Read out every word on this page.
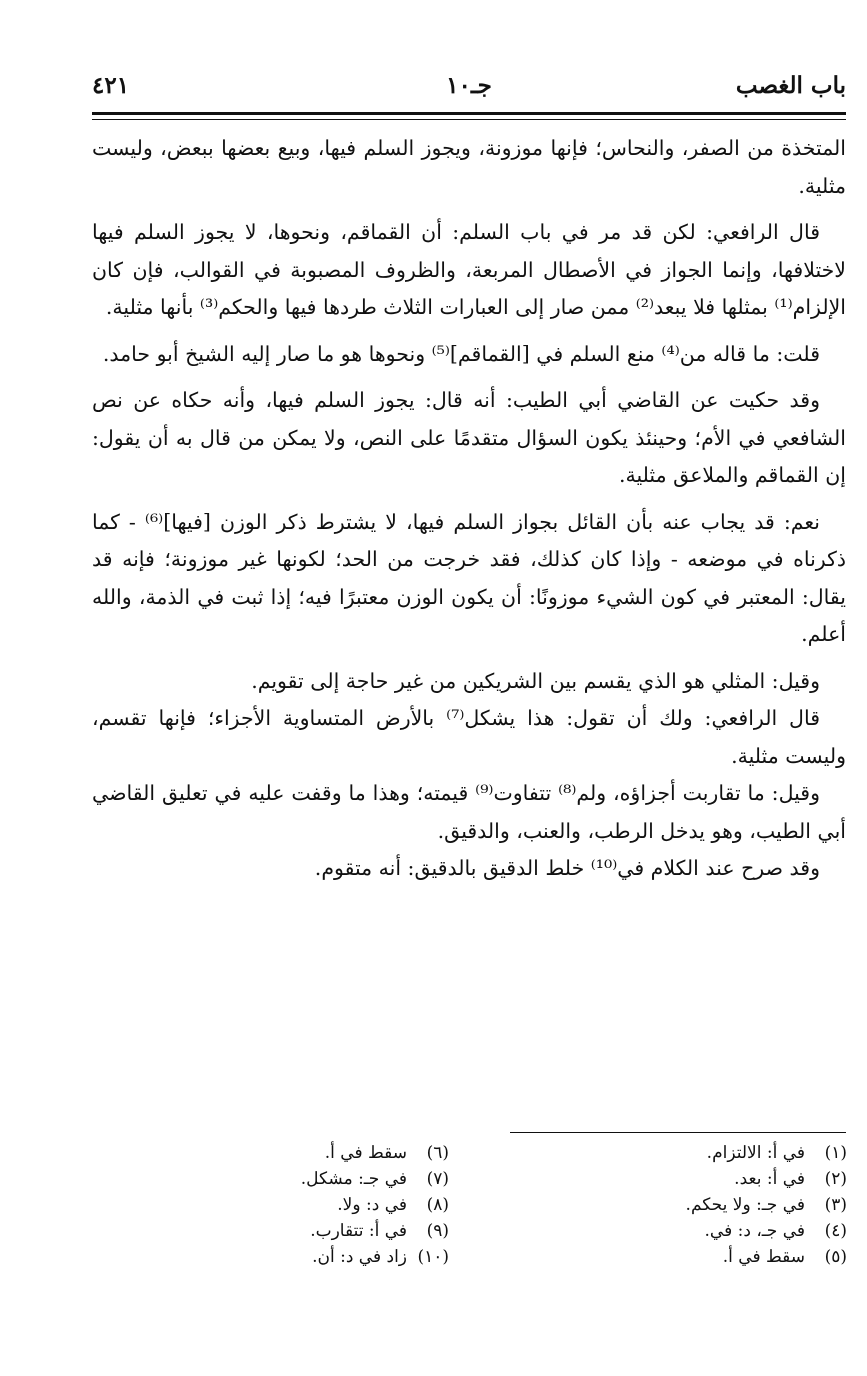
جـ١٠	باب الغصب
٤٢١

المتخذة من الصفر، والنحاس؛ فإنها موزونة، ويجوز السلم فيها، وبيع بعضها ببعض، وليست مثلية.

قال الرافعي: لكن قد مر في باب السلم: أن القماقم، ونحوها، لا يجوز السلم فيها لاختلافها، وإنما الجواز في الأصطال المربعة، والظروف المصبوبة في القوالب، فإن كان الإلزام⁽¹⁾ بمثلها فلا يبعد⁽²⁾ ممن صار إلى العبارات الثلاث طردها فيها والحكم⁽³⁾ بأنها مثلية.

قلت: ما قاله من⁽⁴⁾ منع السلم في [القماقم]⁽⁵⁾ ونحوها هو ما صار إليه الشيخ أبو حامد.

وقد حكيت عن القاضي أبي الطيب: أنه قال: يجوز السلم فيها، وأنه حكاه عن نص الشافعي في الأم؛ وحينئذ يكون السؤال متقدمًا على النص، ولا يمكن من قال به أن يقول: إن القماقم والملاعق مثلية.

نعم: قد يجاب عنه بأن القائل بجواز السلم فيها، لا يشترط ذكر الوزن [فيها]⁽⁶⁾ - كما ذكرناه في موضعه - وإذا كان كذلك، فقد خرجت من الحد؛ لكونها غير موزونة؛ فإنه قد يقال: المعتبر في كون الشيء موزونًا: أن يكون الوزن معتبرًا فيه؛ إذا ثبت في الذمة، والله أعلم.

وقيل: المثلي هو الذي يقسم بين الشريكين من غير حاجة إلى تقويم.

قال الرافعي: ولك أن تقول: هذا يشكل⁽⁷⁾ بالأرض المتساوية الأجزاء؛ فإنها تقسم، وليست مثلية.

وقيل: ما تقاربت أجزاؤه، ولم⁽⁸⁾ تتفاوت⁽⁹⁾ قيمته؛ وهذا ما وقفت عليه في تعليق القاضي أبي الطيب، وهو يدخل الرطب، والعنب، والدقيق.

وقد صرح عند الكلام في⁽¹⁰⁾ خلط الدقيق بالدقيق: أنه متقوم.

(١)في أ: الالتزام.
(٢)في أ: بعد.
(٣)في جـ: ولا يحكم.
(٤)في جـ، د: في.
(٥)سقط في أ.
(٦)سقط في أ.
(٧)في جـ: مشكل.
(٨)في د: ولا.
(٩)في أ: تتقارب.
(١٠)زاد في د: أن.
